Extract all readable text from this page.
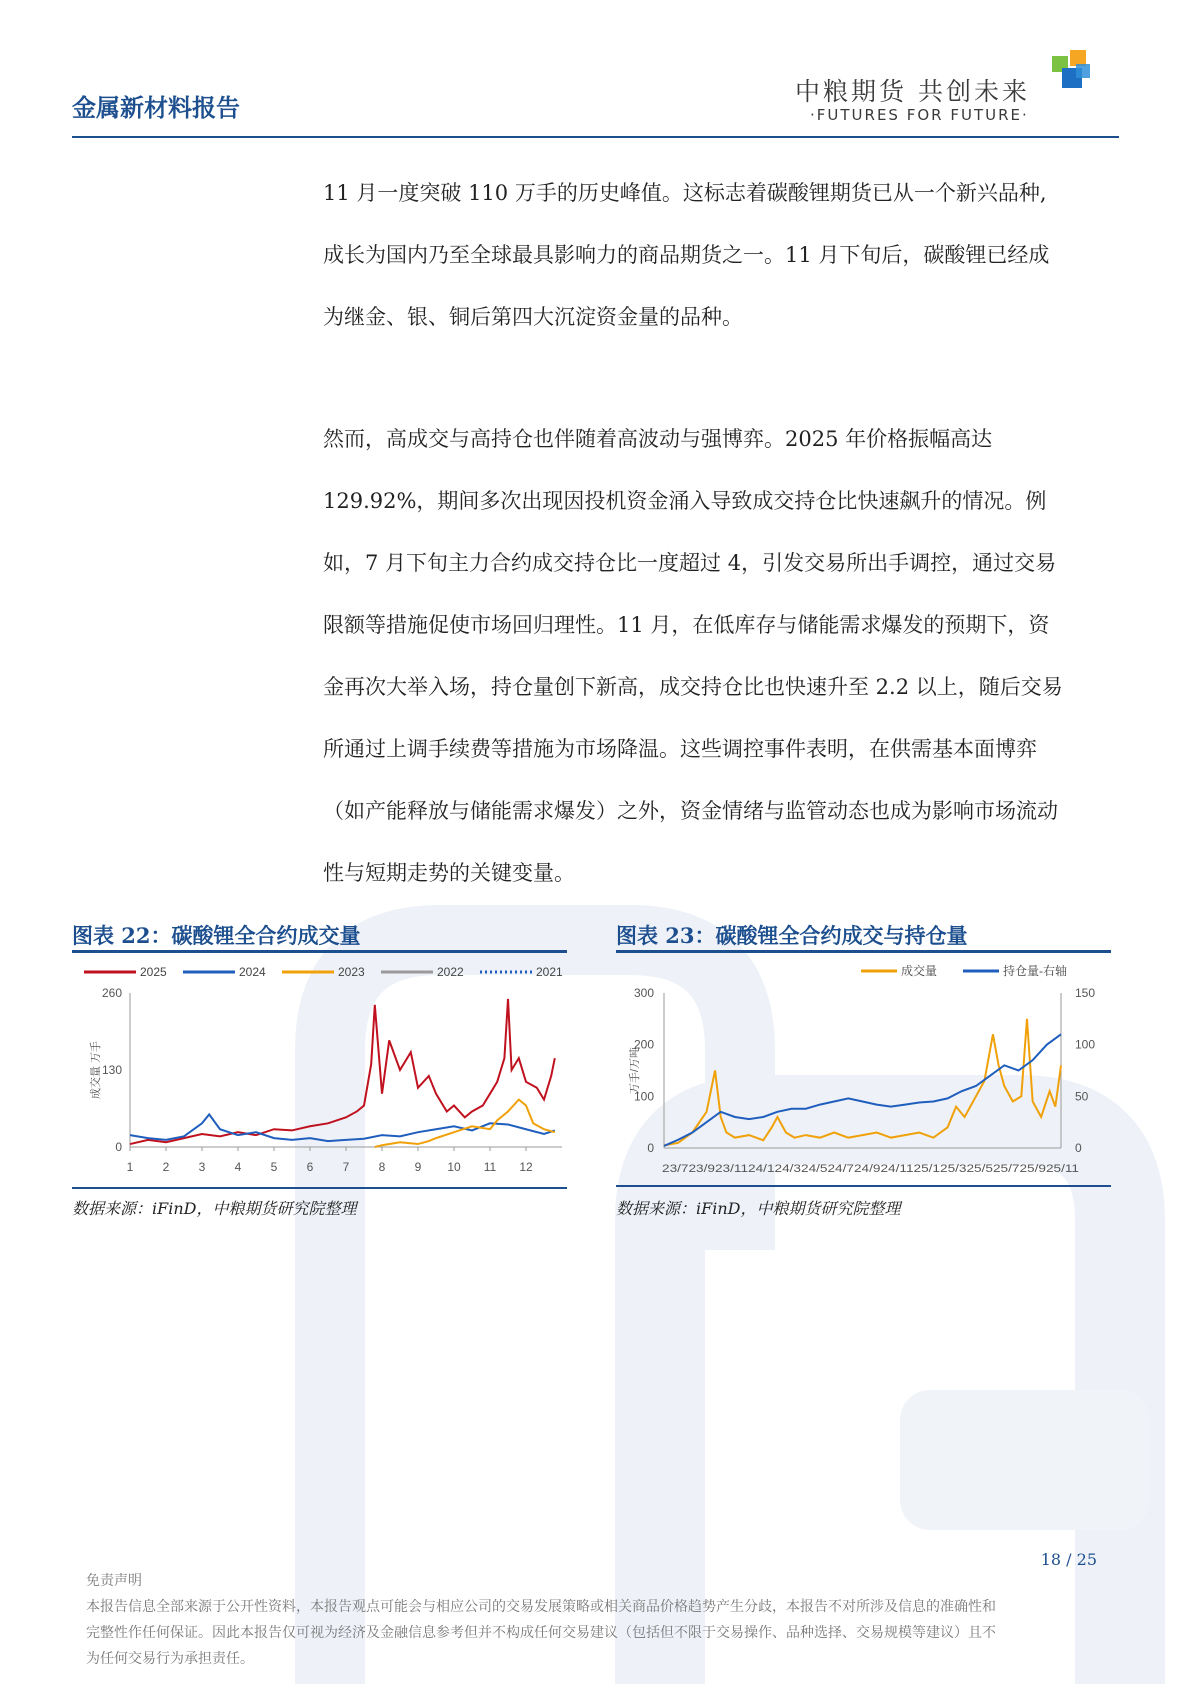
金属新材料报告
中粮期货 共创未来
·FUTURES FOR FUTURE·

11 月一度突破 110 万手的历史峰值。这标志着碳酸锂期货已从一个新兴品种,

成长为国内乃至全球最具影响力的商品期货之一。11 月下旬后，碳酸锂已经成

为继金、银、铜后第四大沉淀资金量的品种。

然而，高成交与高持仓也伴随着高波动与强博弈。2025 年价格振幅高达

129.92%，期间多次出现因投机资金涌入导致成交持仓比快速飙升的情况。例

如，7 月下旬主力合约成交持仓比一度超过 4，引发交易所出手调控，通过交易

限额等措施促使市场回归理性。11 月，在低库存与储能需求爆发的预期下，资

金再次大举入场，持仓量创下新高，成交持仓比也快速升至 2.2 以上，随后交易

所通过上调手续费等措施为市场降温。这些调控事件表明，在供需基本面博弈

（如产能释放与储能需求爆发）之外，资金情绪与监管动态也成为影响市场流动

性与短期走势的关键变量。

图表 22：碳酸锂全合约成交量
0
130
260
1 2 3 4 5 6 7 8 9 10 11 12
成交量 万手
2025	2024	2023	2022	2021
数据来源：iFinD，中粮期货研究院整理
图表 23：碳酸锂全合约成交与持仓量
0
100
200
300
0
50
100
150
23/723/923/1124/124/324/524/724/924/1125/125/325/525/725/925/11
万手/万吨
成交量	持仓量-右轴
数据来源：iFinD，中粮期货研究院整理
18 / 25

免责声明

本报告信息全部来源于公开性资料，本报告观点可能会与相应公司的交易发展策略或相关商品价格趋势产生分歧，本报告不对所涉及信息的准确性和

完整性作任何保证。因此本报告仅可视为经济及金融信息参考但并不构成任何交易建议（包括但不限于交易操作、品种选择、交易规模等建议）且不

为任何交易行为承担责任。
